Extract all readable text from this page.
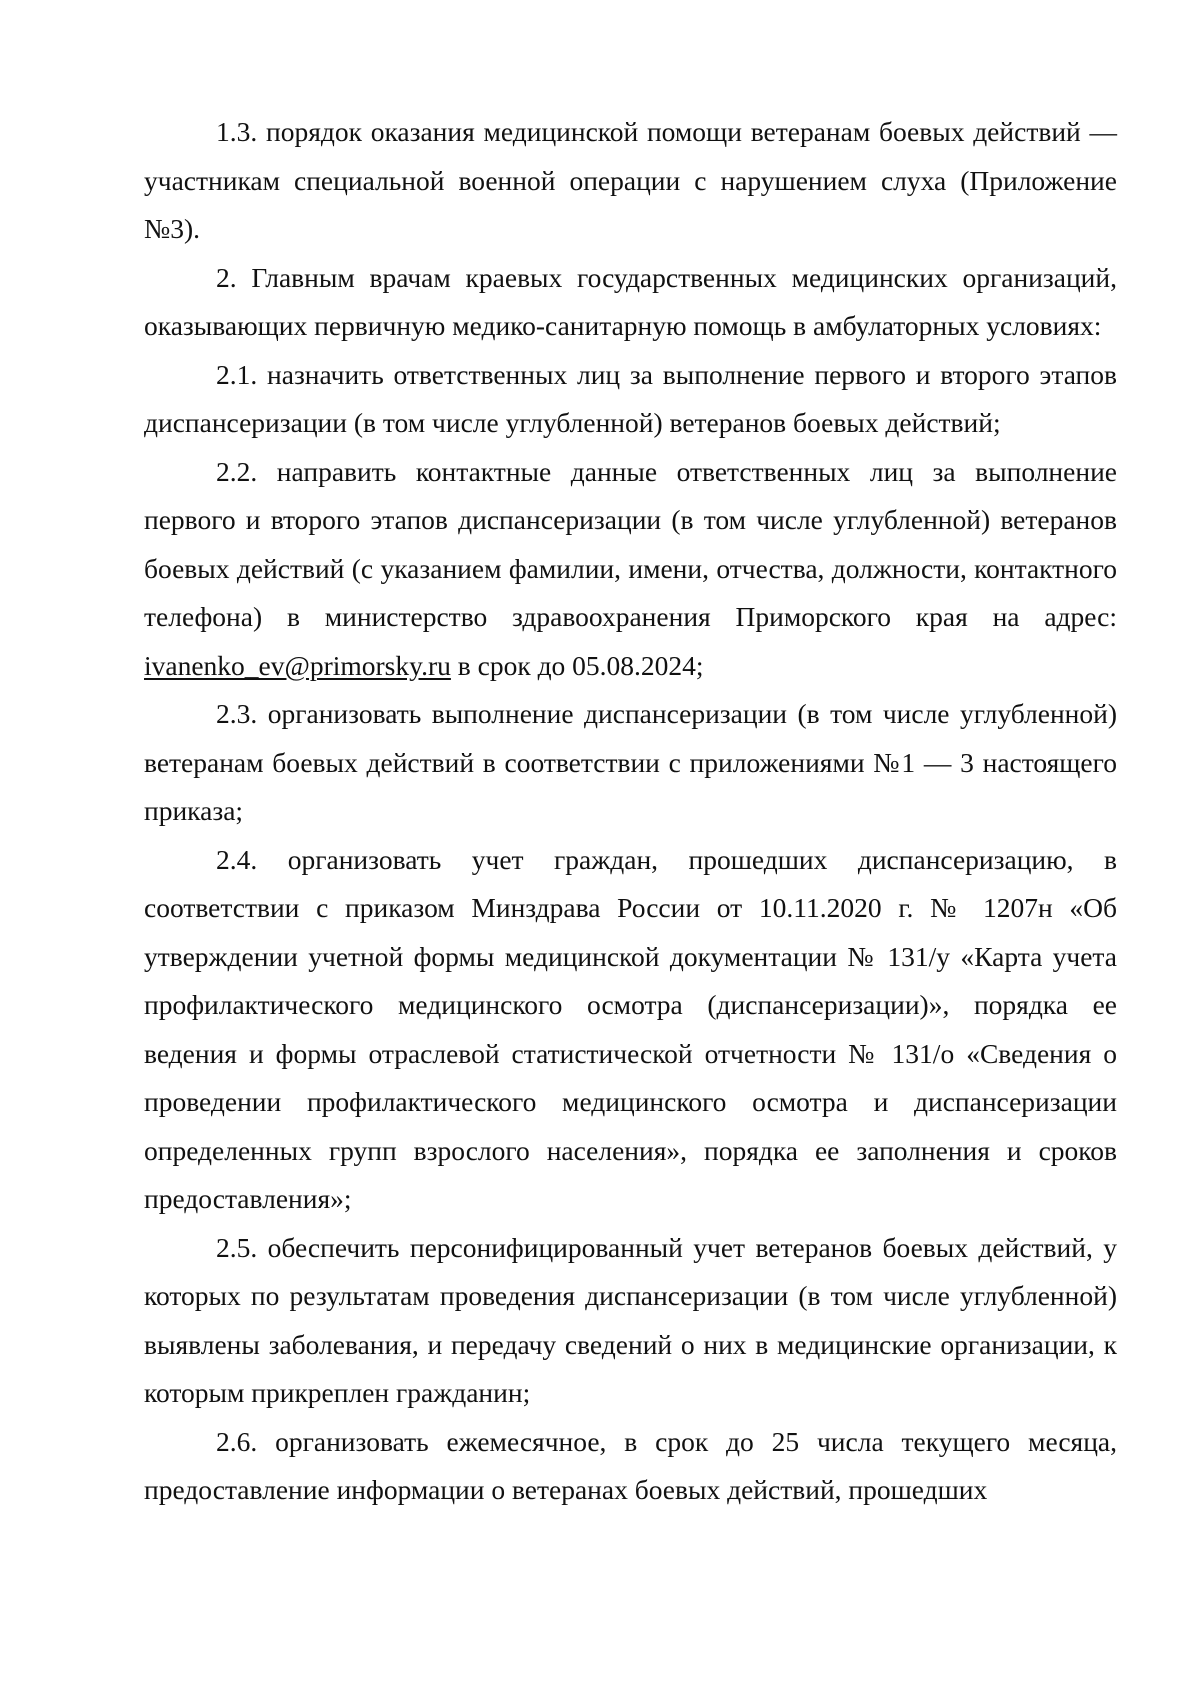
1.3. порядок оказания медицинской помощи ветеранам боевых действий — участникам специальной военной операции с нарушением слуха (Приложение №3).

2. Главным врачам краевых государственных медицинских организаций, оказывающих первичную медико-санитарную помощь в амбулаторных условиях:

2.1. назначить ответственных лиц за выполнение первого и второго этапов диспансеризации (в том числе углубленной) ветеранов боевых действий;

2.2. направить контактные данные ответственных лиц за выполнение первого и второго этапов диспансеризации (в том числе углубленной) ветеранов боевых действий (с указанием фамилии, имени, отчества, должности, контактного телефона) в министерство здравоохранения Приморского края на адрес: ivanenko_ev@primorsky.ru в срок до 05.08.2024;

2.3. организовать выполнение диспансеризации (в том числе углубленной) ветеранам боевых действий в соответствии с приложениями №1 — 3 настоящего приказа;

2.4. организовать учет граждан, прошедших диспансеризацию, в соответствии с приказом Минздрава России от 10.11.2020 г. № 1207н «Об утверждении учетной формы медицинской документации № 131/у «Карта учета профилактического медицинского осмотра (диспансеризации)», порядка ее ведения и формы отраслевой статистической отчетности № 131/о «Сведения о проведении профилактического медицинского осмотра и диспансеризации определенных групп взрослого населения», порядка ее заполнения и сроков предоставления»;

2.5. обеспечить персонифицированный учет ветеранов боевых действий, у которых по результатам проведения диспансеризации (в том числе углубленной) выявлены заболевания, и передачу сведений о них в медицинские организации, к которым прикреплен гражданин;

2.6. организовать ежемесячное, в срок до 25 числа текущего месяца, предоставление информации о ветеранах боевых действий, прошедших
